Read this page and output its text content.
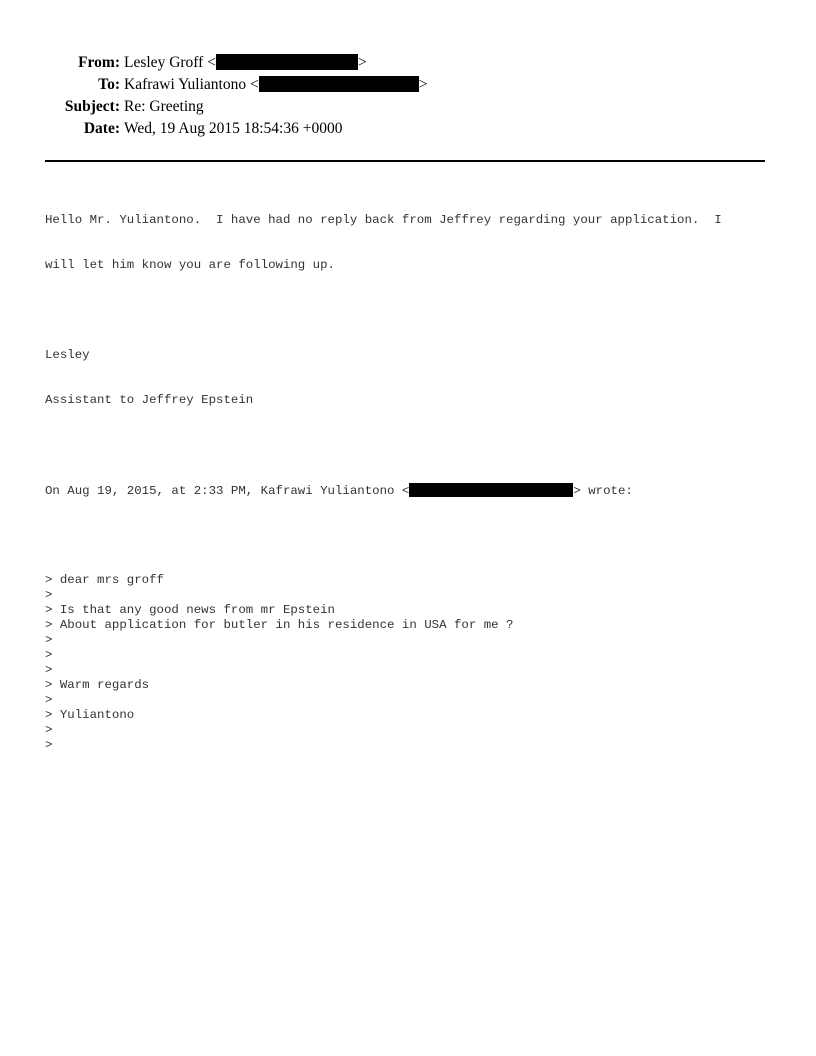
From: Lesley Groff <	>
To: Kafrawi Yuliantono <	>
Subject: Re: Greeting
Date: Wed, 19 Aug 2015 18:54:36 +0000

Hello Mr. Yuliantono.  I have had no reply back from Jeffrey regarding your application.  I

will let him know you are following up.

Lesley

Assistant to Jeffrey Epstein

On Aug 19, 2015, at 2:33 PM, Kafrawi Yuliantono <	> wrote:

> dear mrs groff
>
> Is that any good news from mr Epstein
> About application for butler in his residence in USA for me ?
>
>
>
> Warm regards
>
> Yuliantono
>
>
